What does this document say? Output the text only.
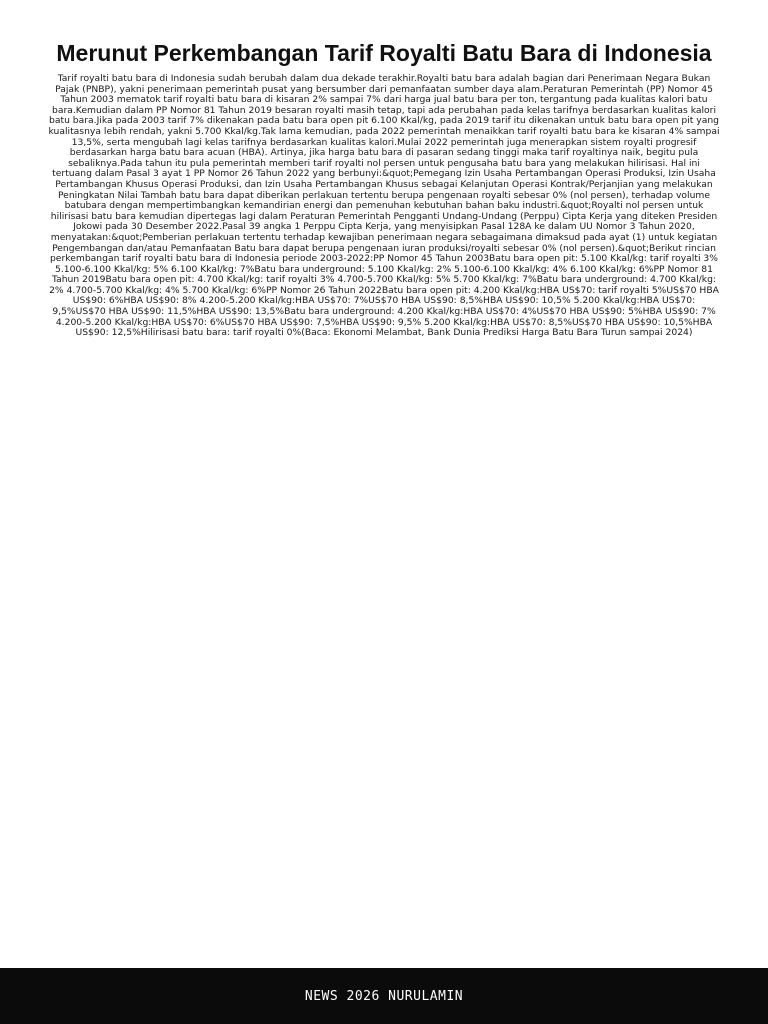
Merunut Perkembangan Tarif Royalti Batu Bara di Indonesia

Tarif royalti batu bara di Indonesia sudah berubah dalam dua dekade terakhir.Royalti batu bara adalah bagian dari Penerimaan Negara Bukan Pajak (PNBP), yakni penerimaan pemerintah pusat yang bersumber dari pemanfaatan sumber daya alam.Peraturan Pemerintah (PP) Nomor 45 Tahun 2003 mematok tarif royalti batu bara di kisaran 2% sampai 7% dari harga jual batu bara per ton, tergantung pada kualitas kalori batu bara.Kemudian dalam PP Nomor 81 Tahun 2019 besaran royalti masih tetap, tapi ada perubahan pada kelas tarifnya berdasarkan kualitas kalori batu bara.Jika pada 2003 tarif 7% dikenakan pada batu bara open pit 6.100 Kkal/kg, pada 2019 tarif itu dikenakan untuk batu bara open pit yang kualitasnya lebih rendah, yakni 5.700 Kkal/kg.Tak lama kemudian, pada 2022 pemerintah menaikkan tarif royalti batu bara ke kisaran 4% sampai 13,5%, serta mengubah lagi kelas tarifnya berdasarkan kualitas kalori.Mulai 2022 pemerintah juga menerapkan sistem royalti progresif berdasarkan harga batu bara acuan (HBA). Artinya, jika harga batu bara di pasaran sedang tinggi maka tarif royaltinya naik, begitu pula sebaliknya.Pada tahun itu pula pemerintah memberi tarif royalti nol persen untuk pengusaha batu bara yang melakukan hilirisasi. Hal ini tertuang dalam Pasal 3 ayat 1 PP Nomor 26 Tahun 2022 yang berbunyi:&quot;Pemegang Izin Usaha Pertambangan Operasi Produksi, Izin Usaha Pertambangan Khusus Operasi Produksi, dan Izin Usaha Pertambangan Khusus sebagai Kelanjutan Operasi Kontrak/Perjanjian yang melakukan Peningkatan Nilai Tambah batu bara dapat diberikan perlakuan tertentu berupa pengenaan royalti sebesar 0% (nol persen), terhadap volume batubara dengan mempertimbangkan kemandirian energi dan pemenuhan kebutuhan bahan baku industri.&quot;Royalti nol persen untuk hilirisasi batu bara kemudian dipertegas lagi dalam Peraturan Pemerintah Pengganti Undang-Undang (Perppu) Cipta Kerja yang diteken Presiden Jokowi pada 30 Desember 2022.Pasal 39 angka 1 Perppu Cipta Kerja, yang menyisipkan Pasal 128A ke dalam UU Nomor 3 Tahun 2020, menyatakan:&quot;Pemberian perlakuan tertentu terhadap kewajiban penerimaan negara sebagaimana dimaksud pada ayat (1) untuk kegiatan Pengembangan dan/atau Pemanfaatan Batu bara dapat berupa pengenaan iuran produksi/royalti sebesar 0% (nol persen).&quot;Berikut rincian perkembangan tarif royalti batu bara di Indonesia periode 2003-2022:PP Nomor 45 Tahun 2003Batu bara open pit: 5.100 Kkal/kg: tarif royalti 3% 5.100-6.100 Kkal/kg: 5% 6.100 Kkal/kg: 7%Batu bara underground: 5.100 Kkal/kg: 2% 5.100-6.100 Kkal/kg: 4% 6.100 Kkal/kg: 6%PP Nomor 81 Tahun 2019Batu bara open pit: 4.700 Kkal/kg: tarif royalti 3% 4.700-5.700 Kkal/kg: 5% 5.700 Kkal/kg: 7%Batu bara underground: 4.700 Kkal/kg: 2% 4.700-5.700 Kkal/kg: 4% 5.700 Kkal/kg: 6%PP Nomor 26 Tahun 2022Batu bara open pit: 4.200 Kkal/kg:HBA US$70: tarif royalti 5%US$70 HBA US$90: 6%HBA US$90: 8% 4.200-5.200 Kkal/kg:HBA US$70: 7%US$70 HBA US$90: 8,5%HBA US$90: 10,5% 5.200 Kkal/kg:HBA US$70: 9,5%US$70 HBA US$90: 11,5%HBA US$90: 13,5%Batu bara underground: 4.200 Kkal/kg:HBA US$70: 4%US$70 HBA US$90: 5%HBA US$90: 7% 4.200-5.200 Kkal/kg:HBA US$70: 6%US$70 HBA US$90: 7,5%HBA US$90: 9,5% 5.200 Kkal/kg:HBA US$70: 8,5%US$70 HBA US$90: 10,5%HBA US$90: 12,5%Hilirisasi batu bara: tarif royalti 0%(Baca: Ekonomi Melambat, Bank Dunia Prediksi Harga Batu Bara Turun sampai 2024)

NEWS 2026 NURULAMIN
